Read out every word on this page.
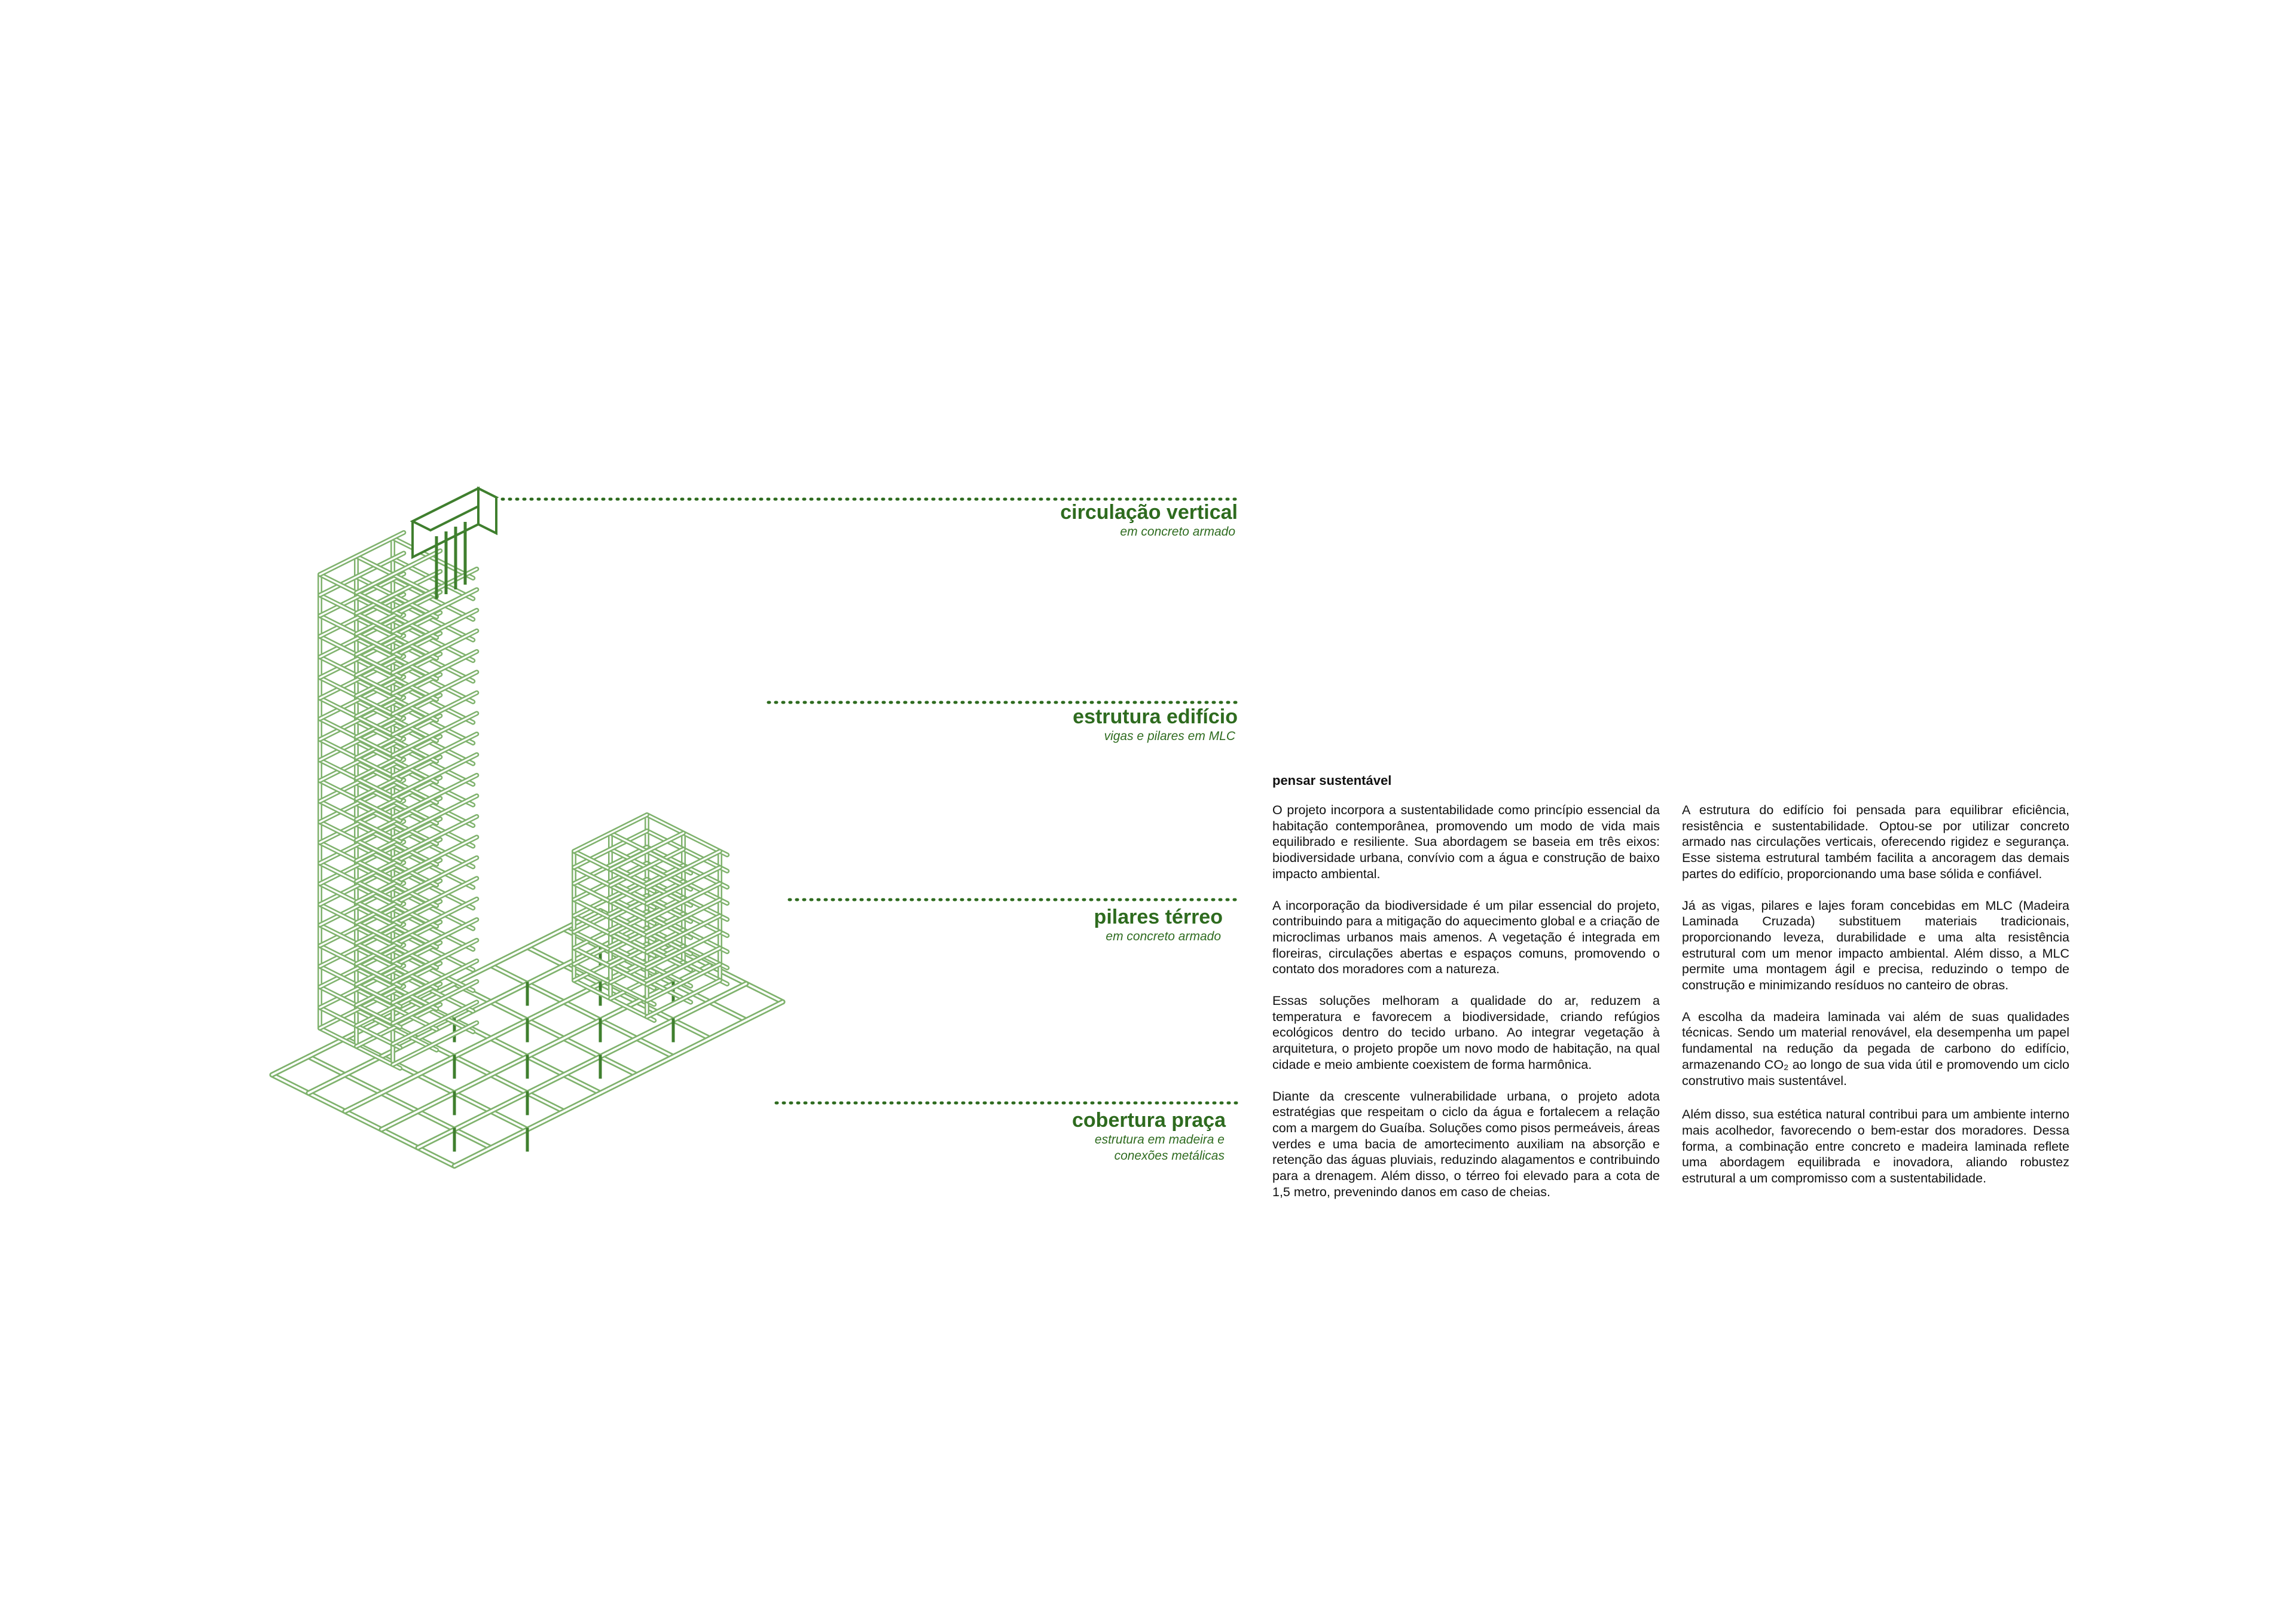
circulação vertical
em concreto armado
estrutura edifício
vigas e pilares em MLC
pilares térreo
em concreto armado
cobertura praça
estrutura em madeira e conexões metálicas
pensar sustentável

O projeto incorpora a sustentabilidade como princípio essencial da habitação contemporânea, promovendo um modo de vida mais equilibrado e resiliente. Sua abordagem se baseia em três eixos: biodiversidade urbana, convívio com a água e construção de baixo impacto ambiental.

A incorporação da biodiversidade é um pilar essencial do projeto, contribuindo para a mitigação do aquecimento global e a criação de microclimas urbanos mais amenos. A vegetação é integrada em floreiras, circulações abertas e espaços comuns, promovendo o contato dos moradores com a natureza.

Essas soluções melhoram a qualidade do ar, reduzem a temperatura e favorecem a biodiversidade, criando refúgios ecológicos dentro do tecido urbano. Ao integrar vegetação à arquitetura, o projeto propõe um novo modo de habitação, na qual cidade e meio ambiente coexistem de forma harmônica.

Diante da crescente vulnerabilidade urbana, o projeto adota estratégias que respeitam o ciclo da água e fortalecem a relação com a margem do Guaíba. Soluções como pisos permeáveis, áreas verdes e uma bacia de amortecimento auxiliam na absorção e retenção das águas pluviais, reduzindo alagamentos e contribuindo para a drenagem. Além disso, o térreo foi elevado para a cota de 1,5 metro, prevenindo danos em caso de cheias.

A estrutura do edifício foi pensada para equilibrar eficiência, resistência e sustentabilidade. Optou-se por utilizar concreto armado nas circulações verticais, oferecendo rigidez e segurança. Esse sistema estrutural também facilita a ancoragem das demais partes do edifício, proporcionando uma base sólida e confiável.

Já as vigas, pilares e lajes foram concebidas em MLC (Madeira Laminada Cruzada) substituem materiais tradicionais, proporcionando leveza, durabilidade e uma alta resistência estrutural com um menor impacto ambiental. Além disso, a MLC permite uma montagem ágil e precisa, reduzindo o tempo de construção e minimizando resíduos no canteiro de obras.

A escolha da madeira laminada vai além de suas qualidades técnicas. Sendo um material renovável, ela desempenha um papel fundamental na redução da pegada de carbono do edifício, armazenando CO₂ ao longo de sua vida útil e promovendo um ciclo construtivo mais sustentável.

Além disso, sua estética natural contribui para um ambiente interno mais acolhedor, favorecendo o bem-estar dos moradores. Dessa forma, a combinação entre concreto e madeira laminada reflete uma abordagem equilibrada e inovadora, aliando robustez estrutural a um compromisso com a sustentabilidade.
